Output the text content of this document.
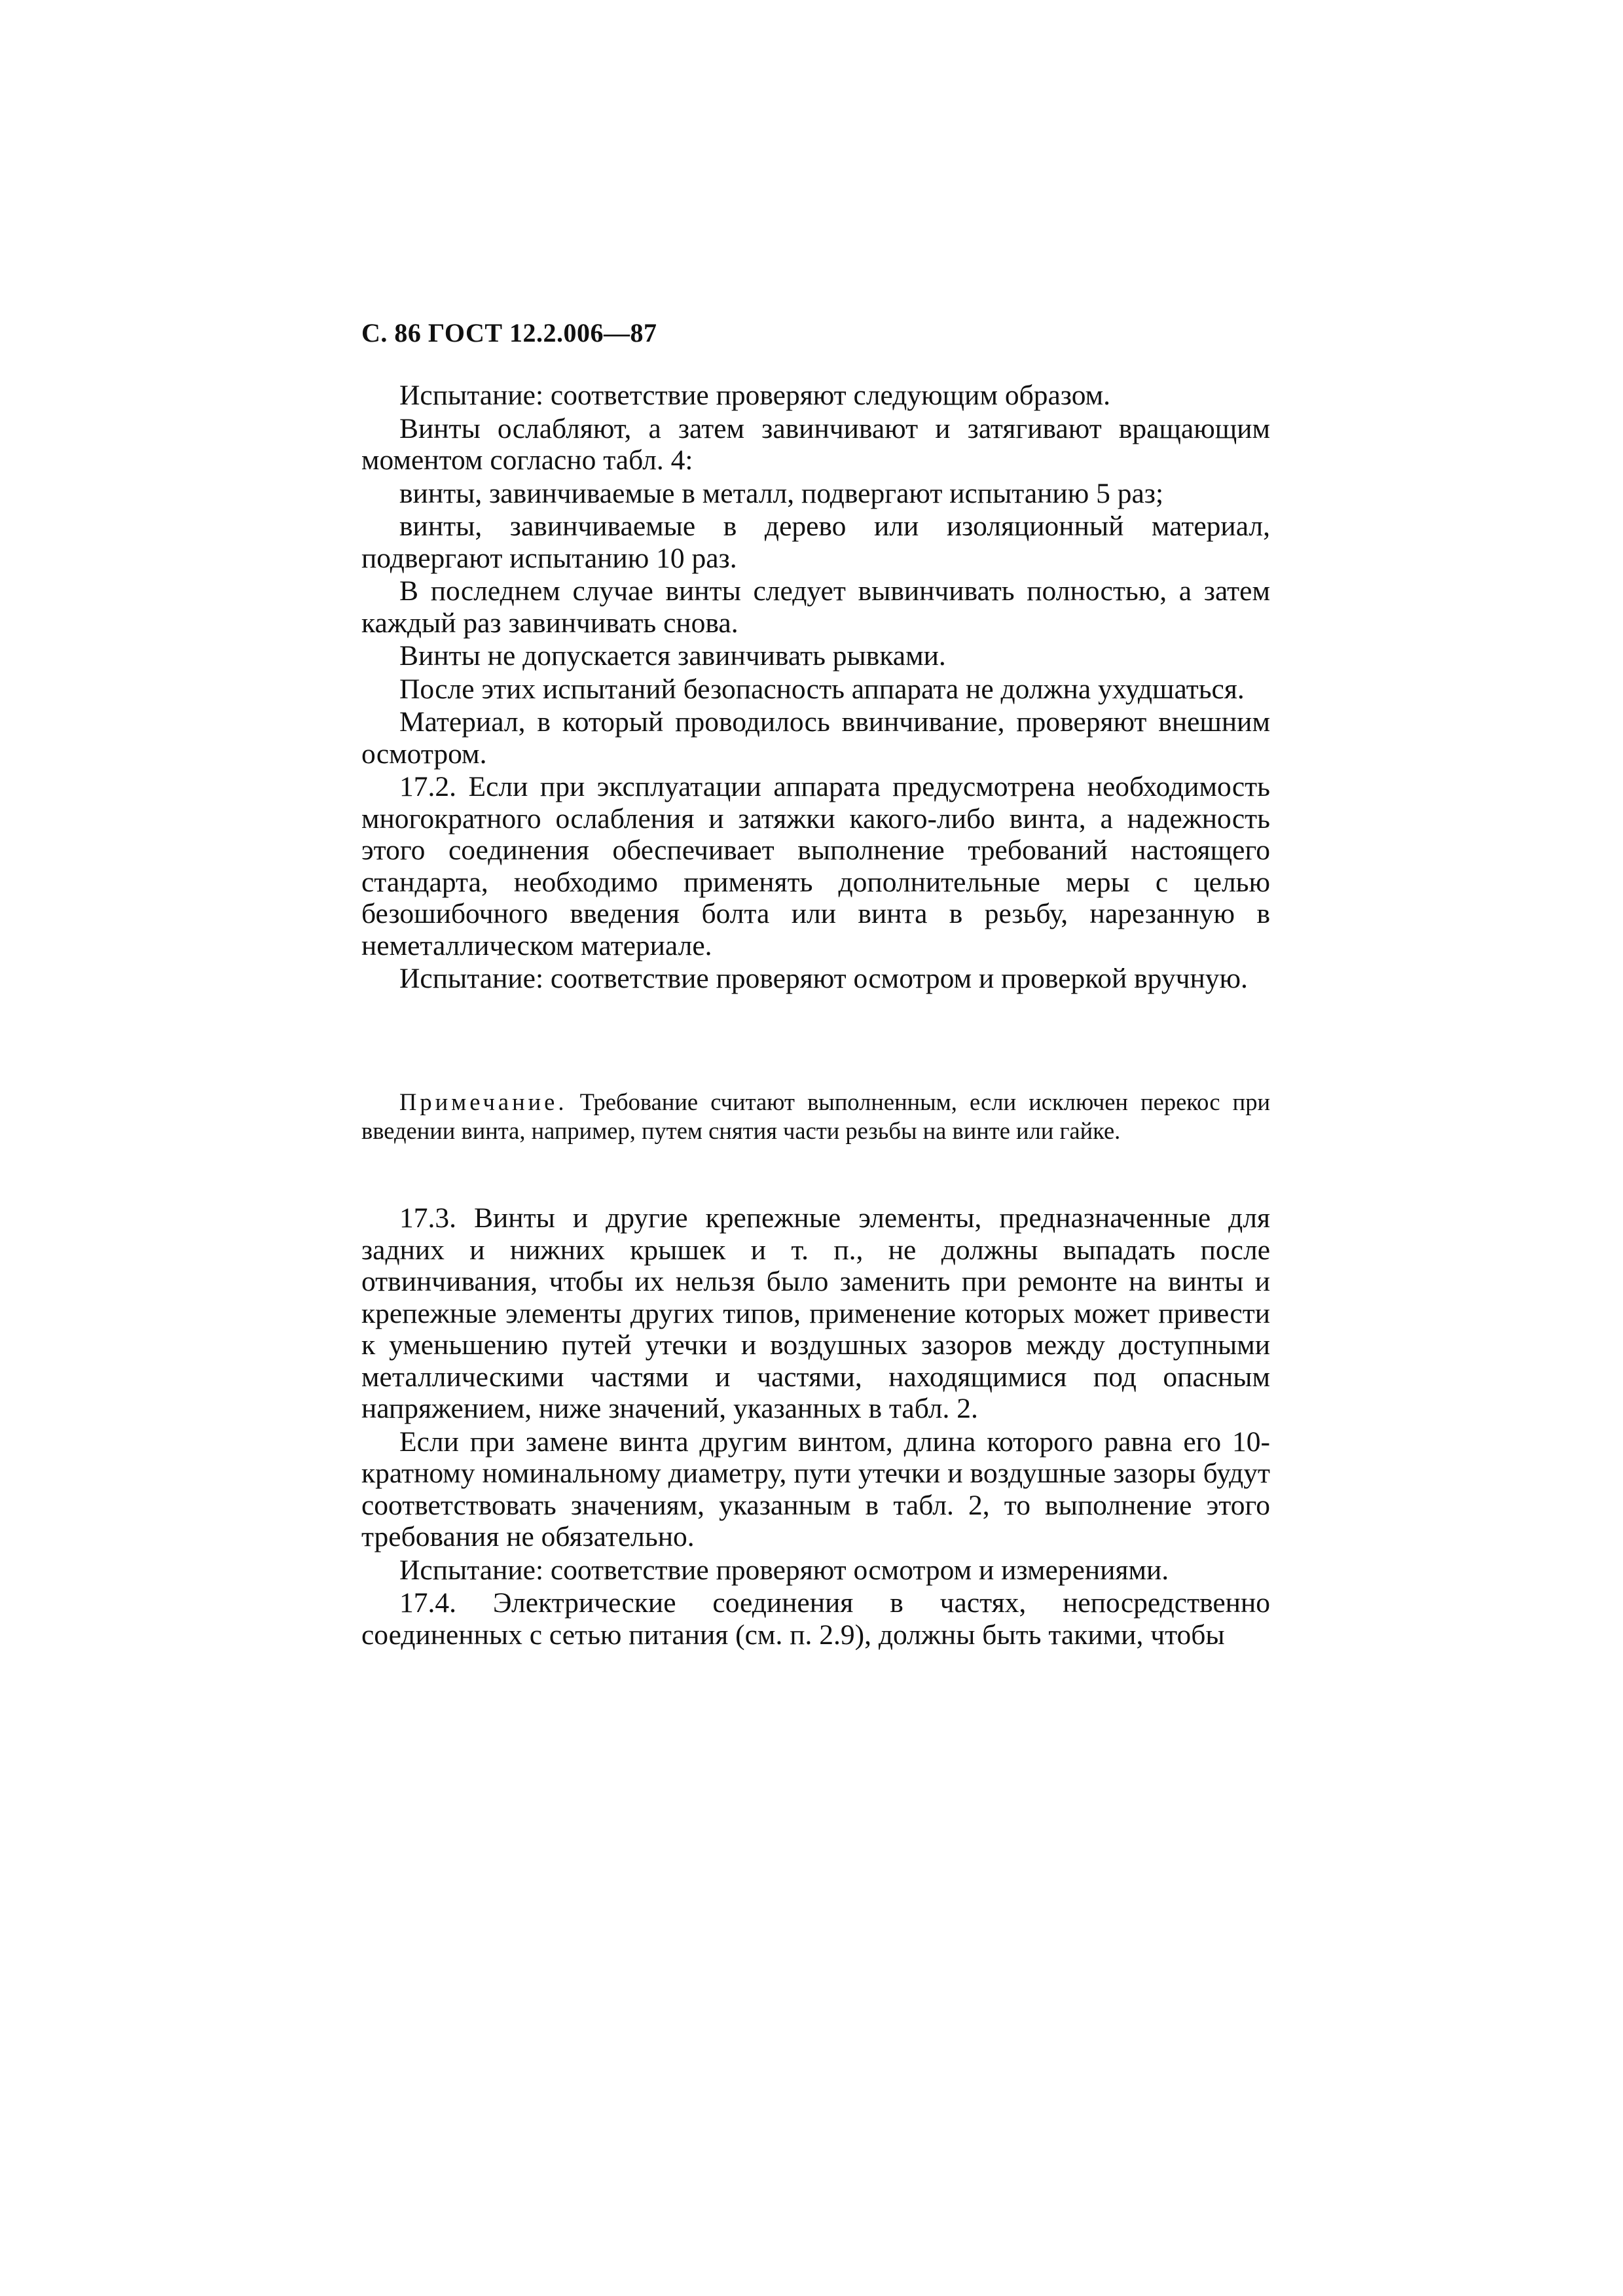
С. 86 ГОСТ 12.2.006—87

Испытание: соответствие проверяют следующим образом.

Винты ослабляют, а затем завинчивают и затягивают вращающим моментом согласно табл. 4:

винты, завинчиваемые в металл, подвергают испытанию 5 раз;

винты, завинчиваемые в дерево или изоляционный материал, подвергают испытанию 10 раз.

В последнем случае винты следует вывинчивать полностью, а затем каждый раз завинчивать снова.

Винты не допускается завинчивать рывками.

После этих испытаний безопасность аппарата не должна ухудшаться.

Материал, в который проводилось ввинчивание, проверяют внешним осмотром.

17.2. Если при эксплуатации аппарата предусмотрена необходимость многократного ослабления и затяжки какого-либо винта, а надежность этого соединения обеспечивает выполнение требований настоящего стандарта, необходимо применять дополнительные меры с целью безошибочного введения болта или винта в резьбу, нарезанную в неметаллическом материале.

Испытание: соответствие проверяют осмотром и проверкой вручную.

Примечание. Требование считают выполненным, если исключен перекос при введении винта, например, путем снятия части резьбы на винте или гайке.

17.3. Винты и другие крепежные элементы, предназначенные для задних и нижних крышек и т. п., не должны выпадать после отвинчивания, чтобы их нельзя было заменить при ремонте на винты и крепежные элементы других типов, применение которых может привести к уменьшению путей утечки и воздушных зазоров между доступными металлическими частями и частями, находящимися под опасным напряжением, ниже значений, указанных в табл. 2.

Если при замене винта другим винтом, длина которого равна его 10-кратному номинальному диаметру, пути утечки и воздушные зазоры будут соответствовать значениям, указанным в табл. 2, то выполнение этого требования не обязательно.

Испытание: соответствие проверяют осмотром и измерениями.

17.4. Электрические соединения в частях, непосредственно соединенных с сетью питания (см. п. 2.9), должны быть такими, чтобы
